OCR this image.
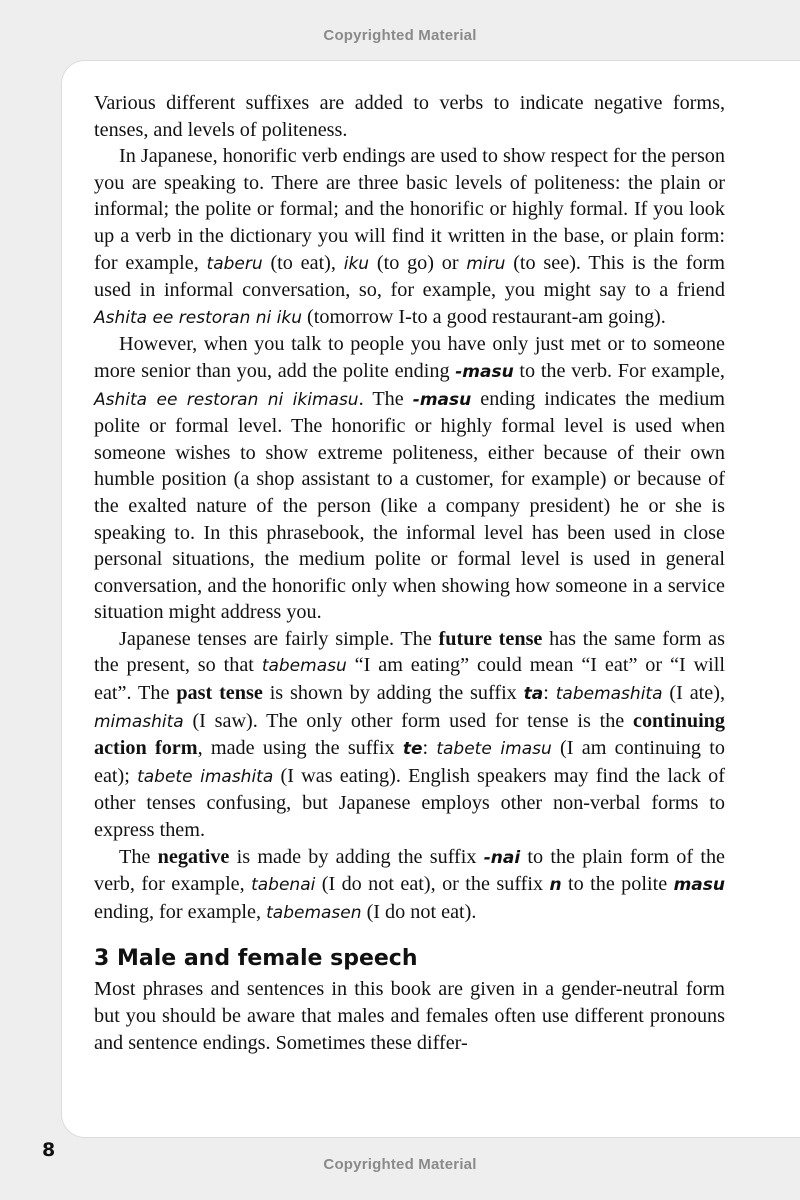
Copyrighted Material

Various different suffixes are added to verbs to indicate negative forms, tenses, and levels of politeness.

In Japanese, honorific verb endings are used to show respect for the person you are speaking to. There are three basic levels of politeness: the plain or informal; the polite or formal; and the honorific or highly formal. If you look up a verb in the dictionary you will find it written in the base, or plain form: for example, taberu (to eat), iku (to go) or miru (to see). This is the form used in informal conversation, so, for example, you might say to a friend Ashita ee restoran ni iku (tomorrow I-to a good restaurant-am going).

However, when you talk to people you have only just met or to someone more senior than you, add the polite ending -masu to the verb. For example, Ashita ee restoran ni ikimasu. The -masu ending indicates the medium polite or formal level. The honorific or highly formal level is used when someone wishes to show extreme politeness, either because of their own humble position (a shop assistant to a customer, for example) or because of the exalted nature of the person (like a company president) he or she is speaking to. In this phrasebook, the informal level has been used in close personal situations, the medium polite or formal level is used in general conversation, and the honorific only when showing how someone in a service situation might address you.

Japanese tenses are fairly simple. The future tense has the same form as the present, so that tabemasu “I am eating” could mean “I eat” or “I will eat”. The past tense is shown by adding the suffix ta: tabemashita (I ate), mimashita (I saw). The only other form used for tense is the continuing action form, made using the suffix te: tabete imasu (I am continuing to eat); tabete imashita (I was eating). English speakers may find the lack of other tenses confusing, but Japanese employs other non-verbal forms to express them.

The negative is made by adding the suffix -nai to the plain form of the verb, for example, tabenai (I do not eat), or the suffix n to the polite masu ending, for example, tabemasen (I do not eat).

3 Male and female speech

Most phrases and sentences in this book are given in a gender-neutral form but you should be aware that males and females often use different pronouns and sentence endings. Sometimes these differ-

8
Copyrighted Material
